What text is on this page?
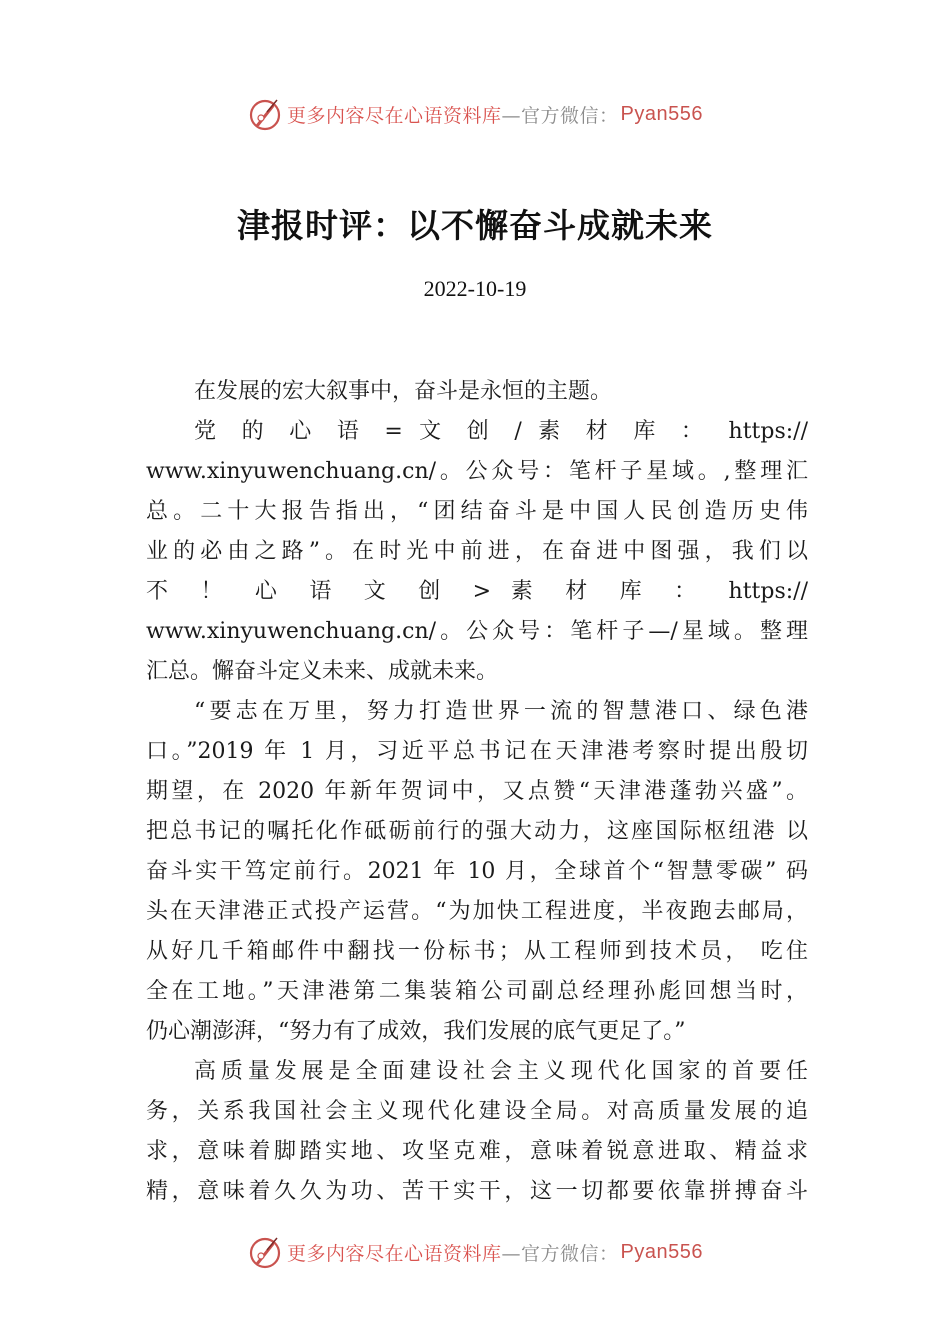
更多内容尽在心语资料库 —官方微信： Pyan556
津报时评：以不懈奋斗成就未来
2022-10-19
在发展的宏大叙事中，奋斗是永恒的主题。
党 的 心 语 = 文 创 / 素 材 库 ： https://
www.xinyuwenchuang.cn/。公众号：笔杆子星域。,整理汇
总。二十大报告指出，“团结奋斗是中国人民创造历史伟
业的必由之路”。在时光中前进，在奋进中图强，我们以
不 ！ 心 语 文 创 > 素 材 库 ： https://
www.xinyuwenchuang.cn/。公众号：笔杆子—/星域。整理
汇总。懈奋斗定义未来、成就未来。
“要志在万里，努力打造世界一流的智慧港口、绿色港
口。”2019 年 1 月，习近平总书记在天津港考察时提出殷切
期望，在 2020 年新年贺词中，又点赞“天津港蓬勃兴盛”。
把总书记的嘱托化作砥砺前行的强大动力，这座国际枢纽港 以
奋斗实干笃定前行。2021 年 10 月，全球首个“智慧零碳” 码
头在天津港正式投产运营。“为加快工程进度，半夜跑去邮局，
从好几千箱邮件中翻找一份标书；从工程师到技术员， 吃住
全在工地。”天津港第二集装箱公司副总经理孙彪回想当时，
仍心潮澎湃，“努力有了成效，我们发展的底气更足了。”
高质量发展是全面建设社会主义现代化国家的首要任
务，关系我国社会主义现代化建设全局。对高质量发展的追
求，意味着脚踏实地、攻坚克难，意味着锐意进取、精益求
精，意味着久久为功、苦干实干，这一切都要依靠拼搏奋斗
更多内容尽在心语资料库 —官方微信： Pyan556
